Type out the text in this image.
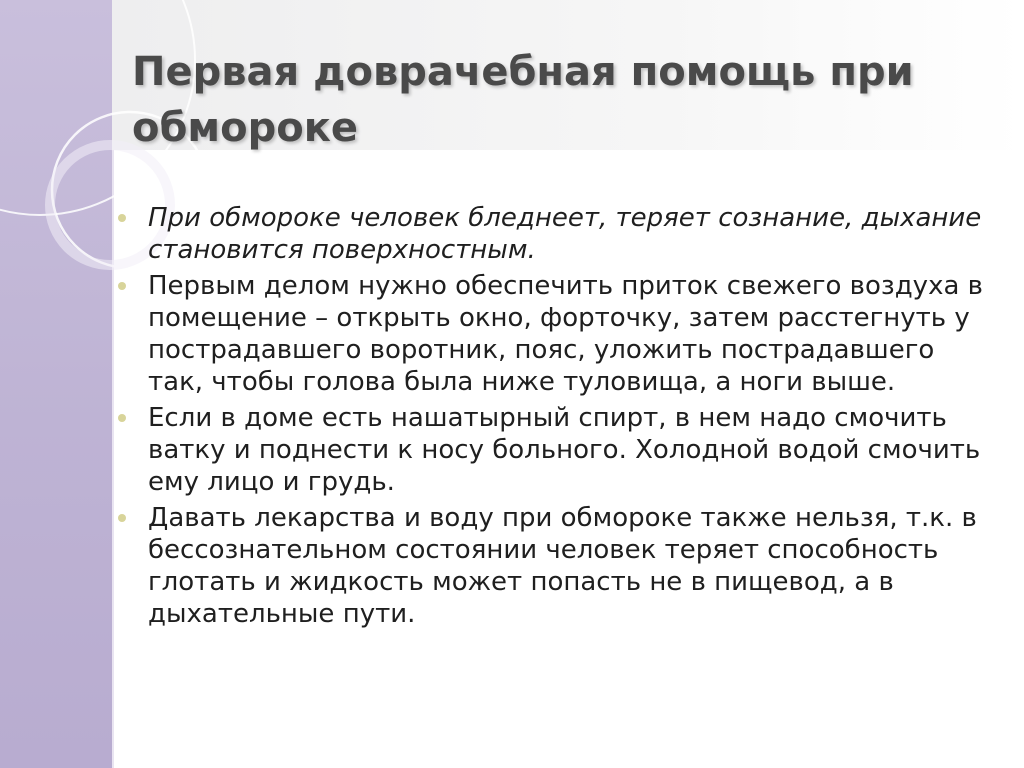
Первая доврачебная помощь при обмороке
При обмороке человек бледнеет, теряет сознание, дыхание становится поверхностным.
Первым делом нужно обеспечить приток свежего воздуха в помещение – открыть окно, форточку, затем расстегнуть у пострадавшего воротник, пояс, уложить пострадавшего так, чтобы голова была ниже туловища, а ноги выше.
Если в доме есть нашатырный спирт, в нем надо смочить ватку и поднести к носу больного. Холодной водой смочить ему лицо и грудь.
Давать лекарства и воду при обмороке также нельзя, т.к. в бессознательном состоянии человек теряет способность глотать и жидкость может попасть не в пищевод, а в дыхательные пути.
